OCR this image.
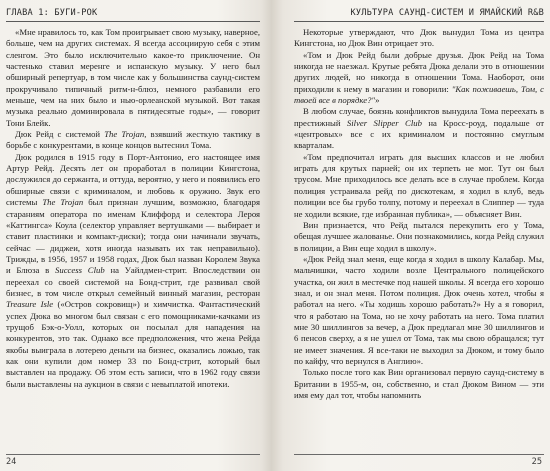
ГЛАВА 1: БУГИ-РОК

«Мне нравилось то, как Том проигрывает свою музыку, наверное, больше, чем на других системах. Я всегда ассоциирую себя с этим сленгом. Это было исключительно какое-то приключение. Он частенько ставил меренге и испанскую музыку. У него был обширный репертуар, в том числе как у большинства саунд-систем прокручивало типичный ритм-н-блюз, немного разбавили его меньше, чем на них было и нью-орлеанской музыкой. Вот такая музыка реально доминировала в пятидесятые годы», — говорит Тони Блейк.

Дюк Рейд с системой The Trojan, взявший жесткую тактику в борьбе с конкурентами, в конце концов вытеснил Тома.

Дюк родился в 1915 году в Порт-Антонио, его настоящее имя Артур Рейд. Десять лет он проработал в полиции Кингстона, дослужился до сержанта, и оттуда, вероятно, у него и появились его обширные связи с криминалом, и любовь к оружию. Звук его системы The Trojan был признан лучшим, возможно, благодаря стараниям оператора по именам Клиффорд и селектора Лероя «Каттингса» Коула (селектор управляет вертушками — выбирает и ставит пластинки и компакт-диски); тогда они начинали звучать, сейчас — диджеи, хотя иногда называть их так неправильно). Трижды, в 1956, 1957 и 1958 годах, Дюк был назван Королем Звука и Блюза в Success Club на Уайлдмен-стрит. Впоследствии он переехал со своей системой на Бонд-стрит, где развивал свой бизнес, в том числе открыл семейный винный магазин, ресторан Treasure Isle («Остров сокровищ») и химчистка. Фантастический успех Дюка во многом был связан с его помощниками-качками из трущоб Бэк-о-Уолл, которых он посылал для нападения на конкурентов, это так. Однако все предположения, что жена Рейда якобы выиграла в лотерею деньги на бизнес, оказались ложью, так как они купили дом номер 33 по Бонд-стрит, который был выставлен на продажу. Об этом есть записи, что в 1962 году связи были выставлены на аукцион в связи с невыплатой ипотеки.

24
КУЛЬТУРА САУНД-СИСТЕМ И ЯМАЙСКИЙ R&B

Некоторые утверждают, что Дюк вынудил Тома из центра Кингстона, но Дюк Вин отрицает это.

«Том и Дюк Рейд были добрые друзья. Дюк Рейд на Тома никогда не наезжал. Крутые ребята Дюка делали это в отношении других людей, но никогда в отношении Тома. Наоборот, они приходили к нему в магазин и говорили: "Как поживаешь, Том, с твоей все в порядке?"»

В любом случае, боязнь конфликтов вынудила Тома переехать в престижный Silver Slipper Club на Кросс-роуд, подальше от «центровых» все с их криминалом и постоянно смуглым кварталам.

«Том предпочитал играть для высших классов и не любил играть для крутых парней; он их терпеть не мог. Тут он был трусом. Мне приходилось все делать все в случае проблем. Когда полиция устраивала рейд по дискотекам, я ходил в клуб, ведь полиции все бы грубо толпу, потому и переехал в Слиппер — туда не ходили всякие, где избранная публика», — объясняет Вин.

Вин признается, что Рейд пытался перекупить его у Тома, обещая лучшее жалованье. Они познакомились, когда Рейд служил в полиции, а Вин еще ходил в школу».

«Дюк Рейд знал меня, еще когда я ходил в школу Калабар. Мы, мальчишки, часто ходили возле Центрального полицейского участка, он жил в местечке под нашей школы. Я всегда его хорошо знал, и он знал меня. Потом полиция. Дюк очень хотел, чтобы я работал на него. «Ты ходишь хорошо работать?» Ну а я говорил, что я работаю на Тома, но не хочу работать на него. Тома платил мне 30 шиллингов за вечер, а Дюк предлагал мне 30 шиллингов и 6 пенсов сверху, а я не ушел от Тома, так мы свою обращался; тут не имеет значения. Я все-таки не выходил за Дюком, и тому было по кайфу, что вернулся в Англию».

Только после того как Вин организовал первую саунд-систему в Британии в 1955-м, он, собственно, и стал Дюком Вином — эти имя ему дал тот, чтобы напомнить

25
